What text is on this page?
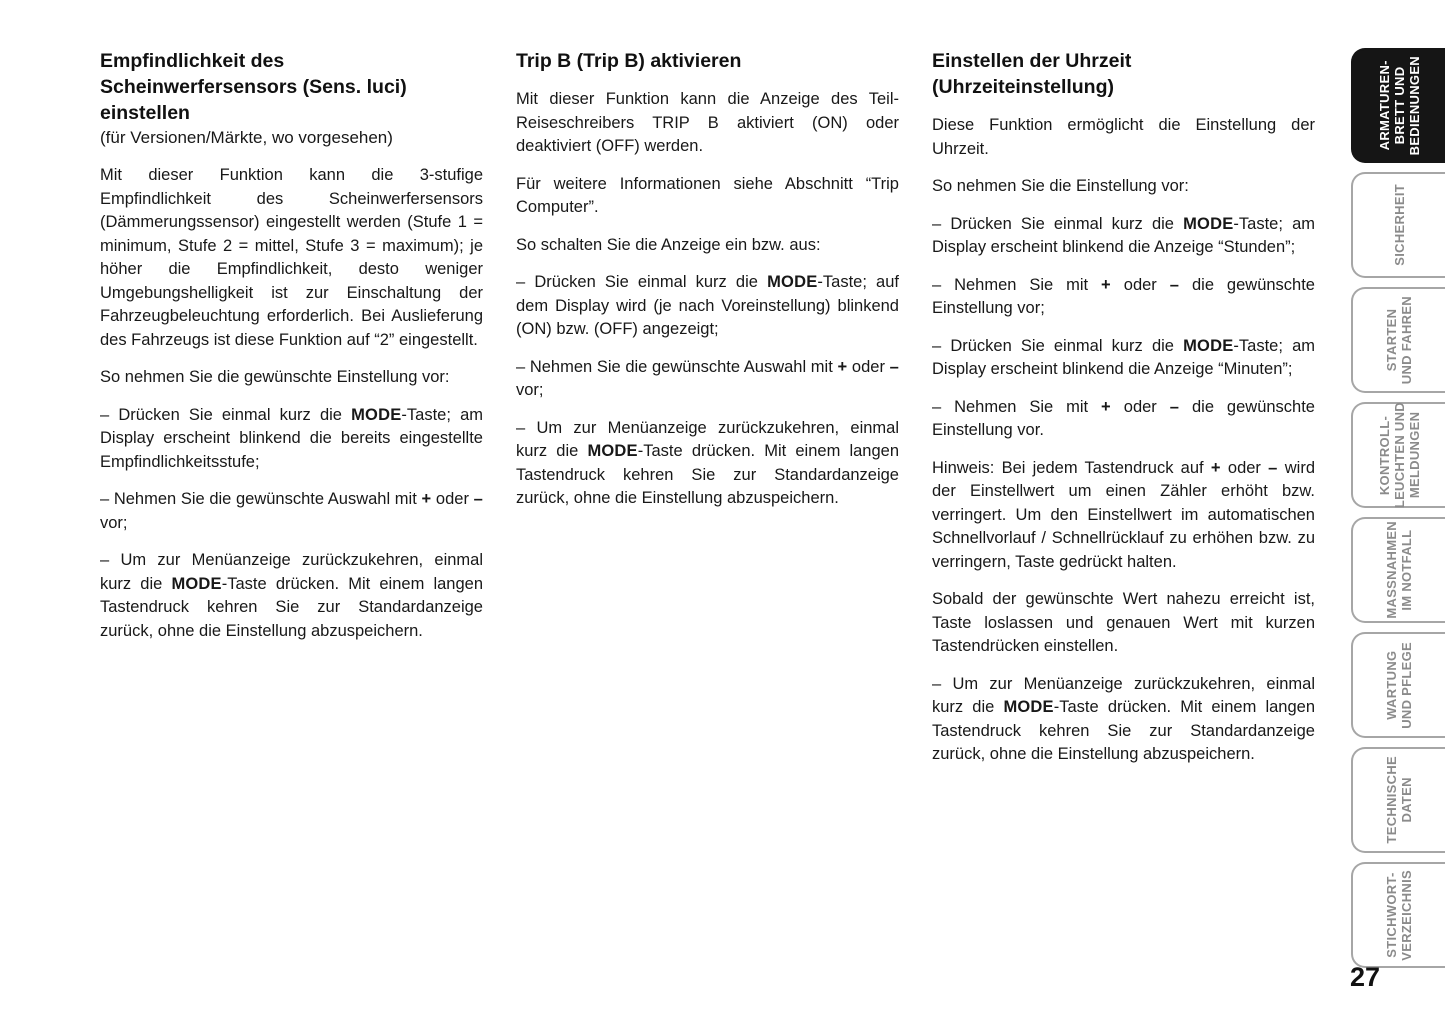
Empfindlichkeit des
Scheinwerfersensors (Sens. luci)
einstellen

(für Versionen/Märkte, wo vorgesehen)

Mit dieser Funktion kann die 3-stufige Empfindlichkeit des Scheinwerfersensors (Dämmerungssensor) eingestellt werden (Stufe 1 = minimum, Stufe 2 = mittel, Stufe 3 = maximum); je höher die Empfindlichkeit, desto weniger Umgebungshelligkeit ist zur Einschaltung der Fahrzeugbeleuchtung erforderlich. Bei Auslieferung des Fahrzeugs ist diese Funktion auf “2” eingestellt.

So nehmen Sie die gewünschte Einstellung vor:

– Drücken Sie einmal kurz die MODE-Taste; am Display erscheint blinkend die bereits eingestellte Empfindlichkeitsstufe;

– Nehmen Sie die gewünschte Auswahl mit + oder – vor;

– Um zur Menüanzeige zurückzukehren, einmal kurz die MODE-Taste drücken. Mit einem langen Tastendruck kehren Sie zur Standardanzeige zurück, ohne die Einstellung abzuspeichern.

Trip B (Trip B) aktivieren

Mit dieser Funktion kann die Anzeige des Teil-Reiseschreibers TRIP B aktiviert (ON) oder deaktiviert (OFF) werden.

Für weitere Informationen siehe Abschnitt “Trip Computer”.

So schalten Sie die Anzeige ein bzw. aus:

– Drücken Sie einmal kurz die MODE-Taste; auf dem Display wird (je nach Voreinstellung) blinkend (ON) bzw. (OFF) angezeigt;

– Nehmen Sie die gewünschte Auswahl mit + oder – vor;

– Um zur Menüanzeige zurückzukehren, einmal kurz die MODE-Taste drücken. Mit einem langen Tastendruck kehren Sie zur Standardanzeige zurück, ohne die Einstellung abzuspeichern.

Einstellen der Uhrzeit
(Uhrzeiteinstellung)

Diese Funktion ermöglicht die Einstellung der Uhrzeit.

So nehmen Sie die Einstellung vor:

– Drücken Sie einmal kurz die MODE-Taste; am Display erscheint blinkend die Anzeige “Stunden”;

– Nehmen Sie mit + oder – die gewünschte Einstellung vor;

– Drücken Sie einmal kurz die MODE-Taste; am Display erscheint blinkend die Anzeige “Minuten”;

– Nehmen Sie mit + oder – die gewünschte Einstellung vor.

Hinweis: Bei jedem Tastendruck auf + oder – wird der Einstellwert um einen Zähler erhöht bzw. verringert. Um den Einstellwert im automatischen Schnellvorlauf / Schnellrücklauf zu erhöhen bzw. zu verringern, Taste gedrückt halten.

Sobald der gewünschte Wert nahezu erreicht ist, Taste loslassen und genauen Wert mit kurzen Tastendrücken einstellen.

– Um zur Menüanzeige zurückzukehren, einmal kurz die MODE-Taste drücken. Mit einem langen Tastendruck kehren Sie zur Standardanzeige zurück, ohne die Einstellung abzuspeichern.

ARMATUREN-
BRETT UND
BEDIENUNGEN
SICHERHEIT
STARTEN
UND FAHREN
KONTROLL-
LEUCHTEN UND
MELDUNGEN
MASSNAHMEN
IM NOTFALL
WARTUNG
UND PFLEGE
TECHNISCHE
DATEN
STICHWORT-
VERZEICHNIS
27
